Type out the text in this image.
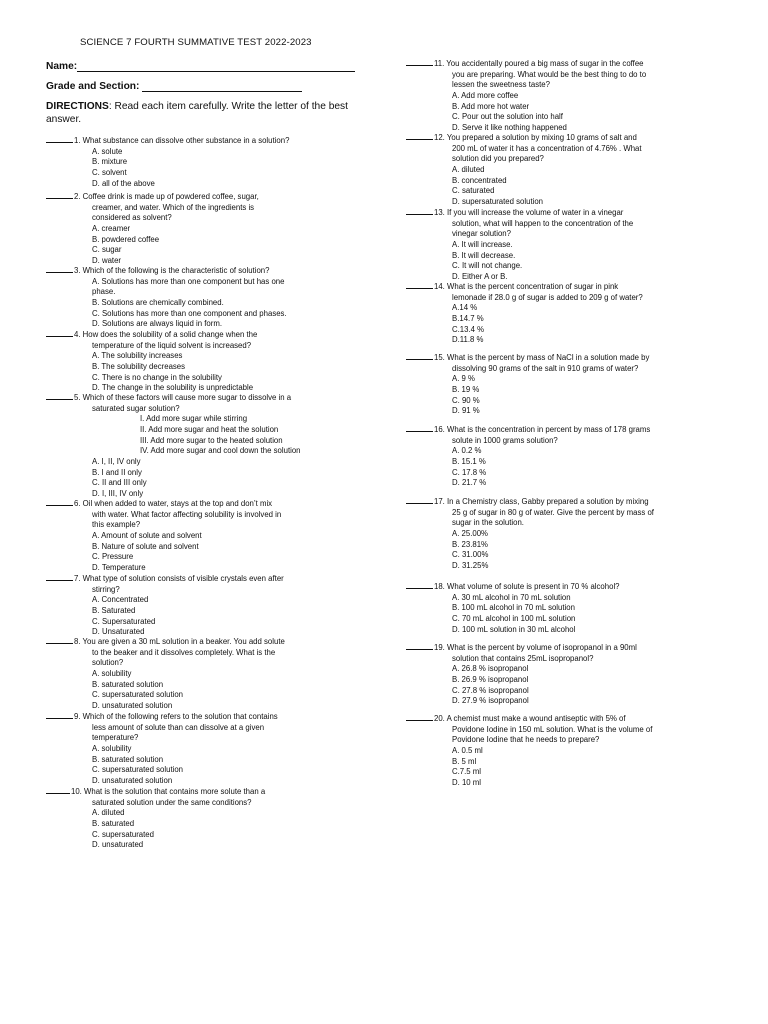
SCIENCE 7 FOURTH SUMMATIVE TEST 2022-2023
Name:
Grade and Section:
DIRECTIONS: Read each item carefully. Write the letter of the best answer.
1. What substance can dissolve other substance in a solution?
A. solute
B. mixture
C. solvent
D. all of the above
2. Coffee drink is made up of powdered coffee, sugar,
creamer, and water. Which of the ingredients is
considered as solvent?
A. creamer
B. powdered coffee
C. sugar
D. water
3. Which of the following is the characteristic of solution?
A. Solutions has more than one component but has one
phase.
B. Solutions are chemically combined.
C. Solutions has more than one component and phases.
D. Solutions are always liquid in form.
4. How does the solubility of a solid change when the
temperature of the liquid solvent is increased?
A. The solubility increases
B. The solubility decreases
C. There is no change in the solubility
D. The change in the solubility is unpredictable
5. Which of these factors will cause more sugar to dissolve in a
saturated sugar solution?
I. Add more sugar while stirring
II. Add more sugar and heat the solution
III. Add more sugar to the heated solution
IV. Add more sugar and cool down the solution
A. I, II, IV only
B. I and II only
C. II and III only
D. I, III, IV only
6. Oil when added to water, stays at the top and don’t mix
with water. What factor affecting solubility is involved in
this example?
A. Amount of solute and solvent
B. Nature of solute and solvent
C. Pressure
D. Temperature
7. What type of solution consists of visible crystals even after
stirring?
A. Concentrated
B. Saturated
C. Supersaturated
D. Unsaturated
8. You are given a 30 mL solution in a beaker. You add solute
to the beaker and it dissolves completely. What is the
solution?
A. solubility
B. saturated solution
C. supersaturated solution
D. unsaturated solution
9. Which of the following refers to the solution that contains
less amount of solute than can dissolve at a given
temperature?
A. solubility
B. saturated solution
C. supersaturated solution
D. unsaturated solution
10. What is the solution that contains more solute than a
saturated solution under the same conditions?
A. diluted
B. saturated
C. supersaturated
D. unsaturated
11. You accidentally poured a big mass of sugar in the coffee
you are preparing. What would be the best thing to do to
lessen the sweetness taste?
A. Add more coffee
B. Add more hot water
C. Pour out the solution into half
D. Serve it like nothing happened
12. You prepared a solution by mixing 10 grams of salt and
200 mL of water it has a concentration of 4.76% . What
solution did you prepared?
A. diluted
B. concentrated
C. saturated
D. supersaturated solution
13. If you will increase the volume of water in a vinegar
solution, what will happen to the concentration of the
vinegar solution?
A. It will increase.
B. It will decrease.
C. It will not change.
D. Either A or B.
14. What is the percent concentration of sugar in pink
lemonade if 28.0 g of sugar is added to 209 g of water?
A.14 %
B.14.7 %
C.13.4 %
D.11.8 %
15. What is the percent by mass of NaCl in a solution made by
dissolving 90 grams of the salt in 910 grams of water?
A. 9 %
B. 19 %
C. 90 %
D. 91 %
16. What is the concentration in percent by mass of 178 grams
solute in 1000 grams solution?
A. 0.2 %
B. 15.1 %
C. 17.8 %
D. 21.7 %
17. In a Chemistry class, Gabby prepared a solution by mixing
25 g of sugar in 80 g of water. Give the percent by mass of
sugar in the solution.
A. 25.00%
B. 23.81%
C. 31.00%
D. 31.25%
18. What volume of solute is present in 70 % alcohol?
A. 30 mL alcohol in 70 mL solution
B. 100 mL alcohol in 70 mL solution
C. 70 mL alcohol in 100 mL solution
D. 100 mL solution in 30 mL alcohol
19. What is the percent by volume of isopropanol in a 90ml
solution that contains 25mL isopropanol?
A. 26.8 % isopropanol
B. 26.9 % isopropanol
C. 27.8 % isopropanol
D. 27.9 % isopropanol
20. A chemist must make a wound antiseptic with 5% of
Povidone Iodine in 150 mL solution. What is the volume of
Povidone Iodine that he needs to prepare?
A. 0.5 ml
B. 5 ml
C.7.5 ml
D. 10 ml
